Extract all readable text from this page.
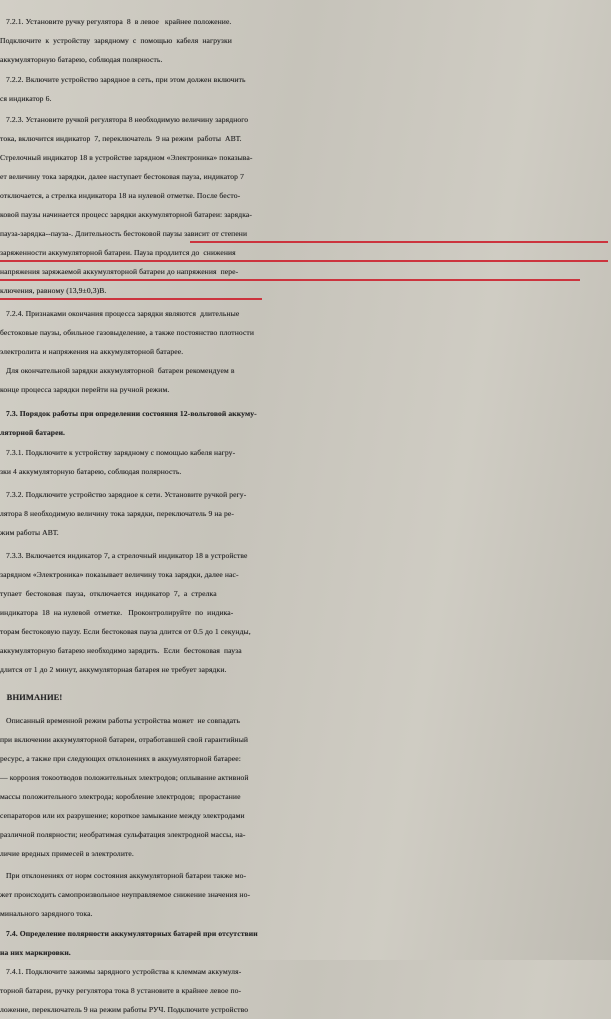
7.2.1. Установите ручку регулятора  8  в левое   крайнее положение.
Подключите  к  устройству  зарядному  с  помощью  кабеля  нагрузки
аккумуляторную батарею, соблюдая полярность.
7.2.2. Включите устройство зарядное в сеть, при этом должен включить
ся индикатор 6.
7.2.3. Установите ручкой регулятора 8 необходимую величину зарядного
тока, включится индикатор  7, переключатель  9 на режим  работы  АВТ.
Стрелочный индикатор 18 в устройстве зарядном «Электроника» показыва-
ет величину тока зарядки, далее наступает бестоковая пауза, индикатор 7
отключается, а стрелка индикатора 18 на нулевой отметке. После бесто-
ковой паузы начинается процесс зарядки аккумуляторной батареи: зарядка-
пауза-зарядка--пауза-. Длительность бестоковой паузы зависит от степени
заряженности аккумуляторной батареи. Пауза продлится до  снижения
напряжения заряжаемой аккумуляторной батареи до напряжения  пере-
ключения, равному (13,9±0,3)В.
7.2.4. Признаками окончания процесса зарядки являются  длительные
бестоковые паузы, обильное газовыделение, а также постоянство плотности
электролита и напряжения на аккумуляторной батарее.
Для окончательной зарядки аккумуляторной  батареи рекомендуем в
конце процесса зарядки перейти на ручной режим.
7.3. Порядок работы при определении состояния 12-вольтовой аккуму-
ляторной батареи.
7.3.1. Подключите к устройству зарядному с помощью кабеля нагру-
зки 4 аккумуляторную батарею, соблюдая полярность.
7.3.2. Подключите устройство зарядное к сети. Установите ручкой регу-
лятора 8 необходимую величину тока зарядки, переключатель 9 на ре-
жим работы АВТ.
7.3.3. Включается индикатор 7, а стрелочный индикатор 18 в устройстве
зарядном «Электроника» показывает величину тока зарядки, далее нас-
тупает  бестоковая  пауза,  отключается  индикатор  7,  а  стрелка
индикатора  18  на нулевой  отметке.   Проконтролируйте  по  индика-
торам бестоковую паузу. Если бестоковая пауза длится от 0.5 до 1 секунды,
аккумуляторную батарею необходимо зарядить.  Если  бестоковая  пауза
длится от 1 до 2 минут, аккумуляторная батарея не требует зарядки.
ВНИМАНИЕ!
Описанный временной режим работы устройства может  не совпадать
при включении аккумуляторной батареи, отработавшей свой гарантийный
ресурс, а также при следующих отклонениях в аккумуляторной батарее:
— коррозия токоотводов положительных электродов; оплывание активной
массы положительного электрода; коробление электродов;  прорастание
сепараторов или их разрушение; короткое замыкание между электродами
различной полярности; необратимая сульфатация электродной массы, на-
личие вредных примесей в электролите.
При отклонениях от норм состояния аккумуляторной батареи также мо-
жет происходить самопроизвольное неуправляемое снижение значения но-
минального зарядного тока.
7.4. Определение полярности аккумуляторных батарей при отсутствии
на них маркировки.
7.4.1. Подключите зажимы зарядного устройства к клеммам аккумуля-
торной батареи, ручку регулятора тока 8 установите в крайнее левое по-
ложение, переключатель 9 на режим работы РУЧ. Подключите устройство
